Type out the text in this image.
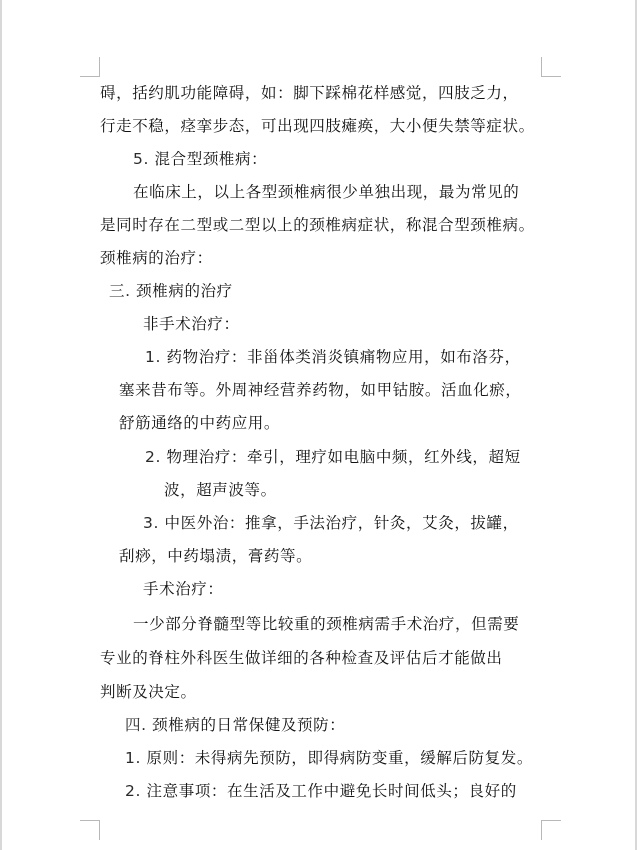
碍，括约肌功能障碍，如：脚下踩棉花样感觉，四肢乏力，
行走不稳，痉挛步态，可出现四肢瘫痪，大小便失禁等症状。
5. 混合型颈椎病：
在临床上，以上各型颈椎病很少单独出现，最为常见的
是同时存在二型或二型以上的颈椎病症状，称混合型颈椎病。
颈椎病的治疗：
三. 颈椎病的治疗
非手术治疗：
1. 药物治疗：非甾体类消炎镇痛物应用，如布洛芬，
塞来昔布等。外周神经营养药物，如甲钴胺。活血化瘀，
舒筋通络的中药应用。
2. 物理治疗：牵引，理疗如电脑中频，红外线，超短
波，超声波等。
3. 中医外治：推拿，手法治疗，针灸，艾灸，拔罐，
刮痧，中药塌渍，膏药等。
手术治疗：
一少部分脊髓型等比较重的颈椎病需手术治疗，但需要
专业的脊柱外科医生做详细的各种检查及评估后才能做出
判断及决定。
四. 颈椎病的日常保健及预防：
1. 原则：未得病先预防，即得病防变重，缓解后防复发。
2. 注意事项：在生活及工作中避免长时间低头；良好的
